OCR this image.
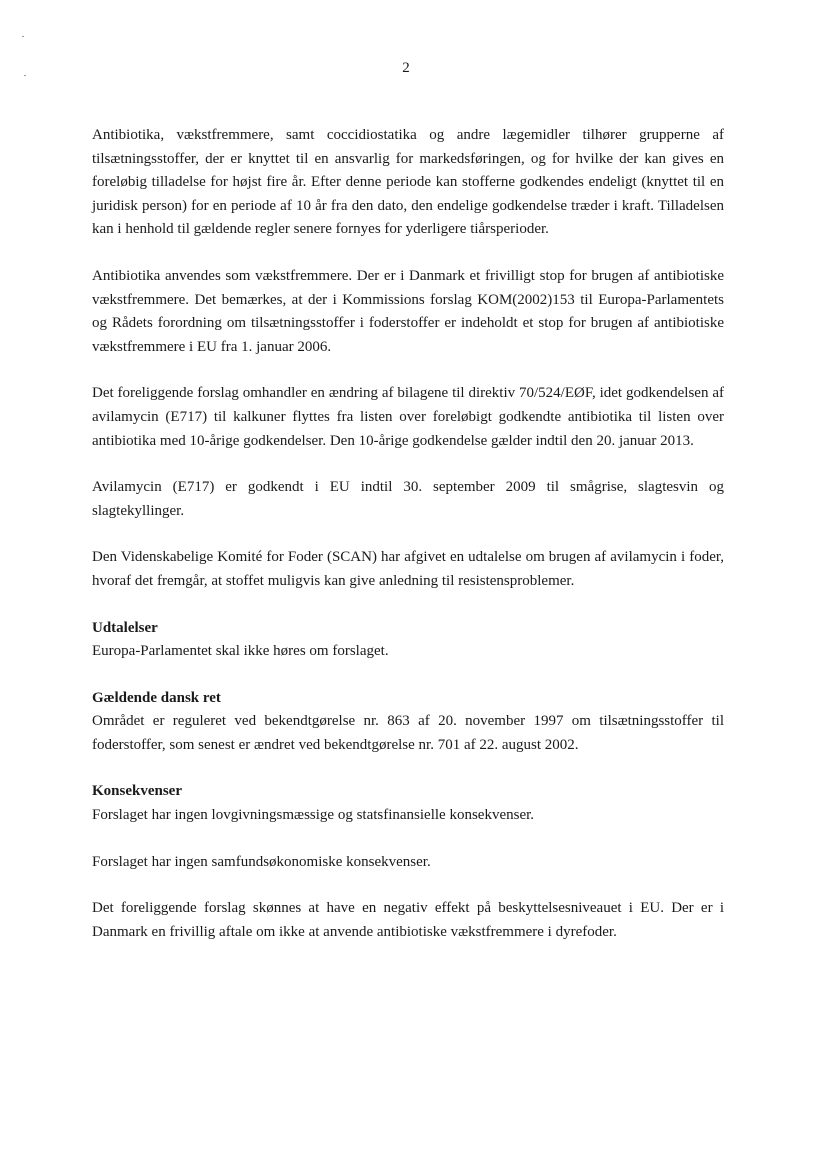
2

Antibiotika, vækstfremmere, samt coccidiostatika og andre lægemidler tilhører grupperne af tilsætningsstoffer, der er knyttet til en ansvarlig for markedsføringen, og for hvilke der kan gives en foreløbig tilladelse for højst fire år. Efter denne periode kan stofferne godkendes endeligt (knyttet til en juridisk person) for en periode af 10 år fra den dato, den endelige godkendelse træder i kraft. Tilladelsen kan i henhold til gældende regler senere fornyes for yderligere tiårsperioder.

Antibiotika anvendes som vækstfremmere. Der er i Danmark et frivilligt stop for brugen af antibiotiske vækstfremmere. Det bemærkes, at der i Kommissions forslag KOM(2002)153 til Europa-Parlamentets og Rådets forordning om tilsætningsstoffer i foderstoffer er indeholdt et stop for brugen af antibiotiske vækstfremmere i EU fra 1. januar 2006.

Det foreliggende forslag omhandler en ændring af bilagene til direktiv 70/524/EØF, idet godkendelsen af avilamycin (E717) til kalkuner flyttes fra listen over foreløbigt godkendte antibiotika til listen over antibiotika med 10-årige godkendelser. Den 10-årige godkendelse gælder indtil den 20. januar 2013.

Avilamycin (E717) er godkendt i EU indtil 30. september 2009 til smågrise, slagtesvin og slagtekyllinger.

Den Videnskabelige Komité for Foder (SCAN) har afgivet en udtalelse om brugen af avilamycin i foder, hvoraf det fremgår, at stoffet muligvis kan give anledning til resistensproblemer.

Udtalelser

Europa-Parlamentet skal ikke høres om forslaget.

Gældende dansk ret

Området er reguleret ved bekendtgørelse nr. 863 af 20. november 1997 om tilsætningsstoffer til foderstoffer, som senest er ændret ved bekendtgørelse nr. 701 af 22. august 2002.

Konsekvenser

Forslaget har ingen lovgivningsmæssige og statsfinansielle konsekvenser.

Forslaget har ingen samfundsøkonomiske konsekvenser.

Det foreliggende forslag skønnes at have en negativ effekt på beskyttelsesniveauet i EU. Der er i Danmark en frivillig aftale om ikke at anvende antibiotiske vækstfremmere i dyrefoder.
